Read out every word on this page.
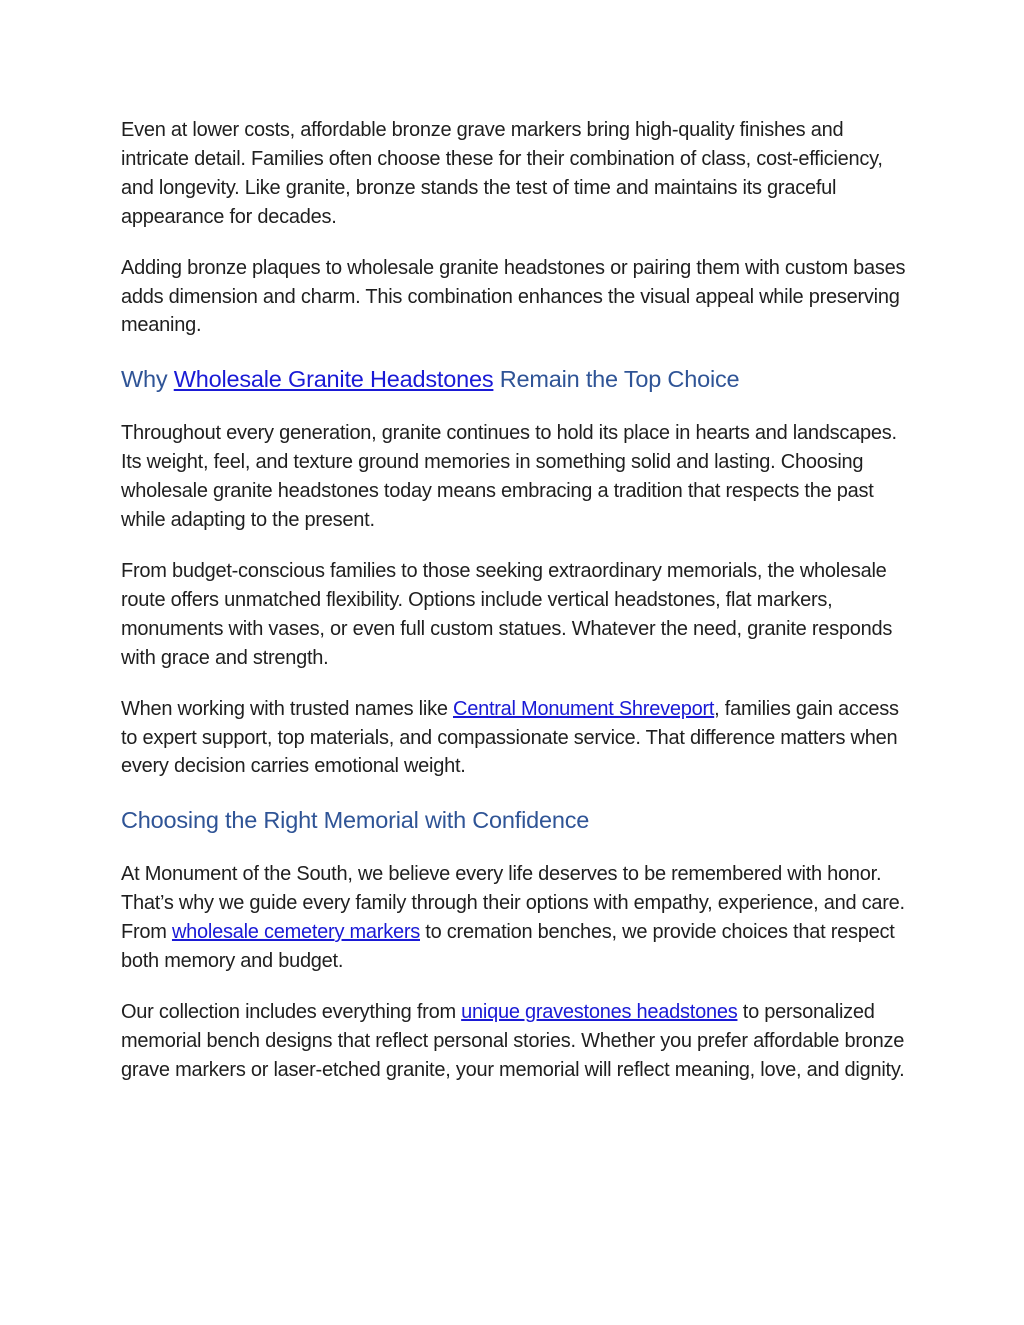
Even at lower costs, affordable bronze grave markers bring high-quality finishes and intricate detail. Families often choose these for their combination of class, cost-efficiency, and longevity. Like granite, bronze stands the test of time and maintains its graceful appearance for decades.

Adding bronze plaques to wholesale granite headstones or pairing them with custom bases adds dimension and charm. This combination enhances the visual appeal while preserving meaning.

Why Wholesale Granite Headstones Remain the Top Choice

Throughout every generation, granite continues to hold its place in hearts and landscapes. Its weight, feel, and texture ground memories in something solid and lasting. Choosing wholesale granite headstones today means embracing a tradition that respects the past while adapting to the present.

From budget-conscious families to those seeking extraordinary memorials, the wholesale route offers unmatched flexibility. Options include vertical headstones, flat markers, monuments with vases, or even full custom statues. Whatever the need, granite responds with grace and strength.

When working with trusted names like Central Monument Shreveport, families gain access to expert support, top materials, and compassionate service. That difference matters when every decision carries emotional weight.

Choosing the Right Memorial with Confidence

At Monument of the South, we believe every life deserves to be remembered with honor. That’s why we guide every family through their options with empathy, experience, and care. From wholesale cemetery markers to cremation benches, we provide choices that respect both memory and budget.

Our collection includes everything from unique gravestones headstones to personalized memorial bench designs that reflect personal stories. Whether you prefer affordable bronze grave markers or laser-etched granite, your memorial will reflect meaning, love, and dignity.
